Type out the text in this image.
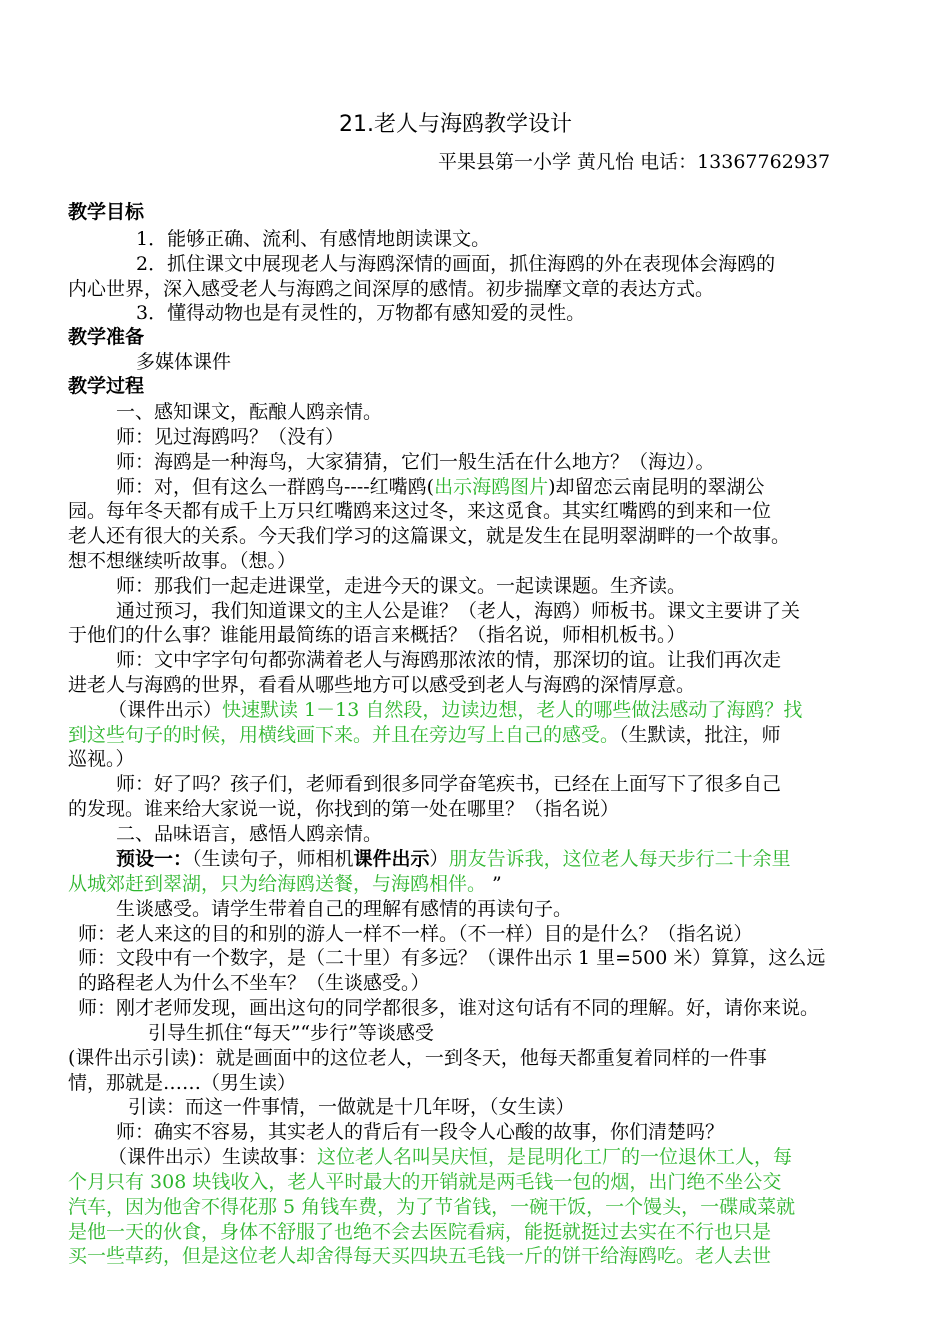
21.老人与海鸥教学设计
平果县第一小学 黄凡怡 电话：13367762937
教学目标
1．能够正确、流利、有感情地朗读课文。
2．抓住课文中展现老人与海鸥深情的画面，抓住海鸥的外在表现体会海鸥的
内心世界，深入感受老人与海鸥之间深厚的感情。初步揣摩文章的表达方式。
3．懂得动物也是有灵性的，万物都有感知爱的灵性。
教学准备
多媒体课件
教学过程
一、感知课文，酝酿人鸥亲情。
师：见过海鸥吗？（没有）
师：海鸥是一种海鸟，大家猜猜，它们一般生活在什么地方？（海边）。
师：对，但有这么一群鸥鸟----红嘴鸥(出示海鸥图片)却留恋云南昆明的翠湖公
园。每年冬天都有成千上万只红嘴鸥来这过冬，来这觅食。其实红嘴鸥的到来和一位
老人还有很大的关系。今天我们学习的这篇课文，就是发生在昆明翠湖畔的一个故事。
想不想继续听故事。（想。）
师：那我们一起走进课堂，走进今天的课文。一起读课题。生齐读。
通过预习，我们知道课文的主人公是谁？（老人，海鸥）师板书。课文主要讲了关
于他们的什么事？谁能用最简练的语言来概括？（指名说，师相机板书。）
师：文中字字句句都弥满着老人与海鸥那浓浓的情，那深切的谊。让我们再次走
进老人与海鸥的世界，看看从哪些地方可以感受到老人与海鸥的深情厚意。
（课件出示）快速默读 1－13 自然段，边读边想，老人的哪些做法感动了海鸥？找
到这些句子的时候，用横线画下来。并且在旁边写上自己的感受。（生默读，批注，师
巡视。）
师：好了吗？孩子们，老师看到很多同学奋笔疾书，已经在上面写下了很多自己
的发现。谁来给大家说一说，你找到的第一处在哪里？（指名说）
二、品味语言，感悟人鸥亲情。
预设一：（生读句子，师相机课件出示）朋友告诉我，这位老人每天步行二十余里
从城郊赶到翠湖，只为给海鸥送餐，与海鸥相伴。 ”
生谈感受。请学生带着自己的理解有感情的再读句子。
师：老人来这的目的和别的游人一样不一样。（不一样）目的是什么？（指名说）
师：文段中有一个数字，是（二十里）有多远？（课件出示 1 里=500 米）算算，这么远
的路程老人为什么不坐车？（生谈感受。）
师：刚才老师发现，画出这句的同学都很多，谁对这句话有不同的理解。好，请你来说。
引导生抓住“每天”“步行”等谈感受
(课件出示引读)：就是画面中的这位老人，一到冬天，他每天都重复着同样的一件事
情，那就是……（男生读）
引读：而这一件事情，一做就是十几年呀，（女生读）
师：确实不容易，其实老人的背后有一段令人心酸的故事，你们清楚吗？
（课件出示）生读故事：这位老人名叫吴庆恒，是昆明化工厂的一位退休工人，每
个月只有 308 块钱收入，老人平时最大的开销就是两毛钱一包的烟，出门绝不坐公交
汽车，因为他舍不得花那 5 角钱车费，为了节省钱，一碗干饭，一个馒头，一碟咸菜就
是他一天的伙食，身体不舒服了也绝不会去医院看病，能挺就挺过去实在不行也只是
买一些草药，但是这位老人却舍得每天买四块五毛钱一斤的饼干给海鸥吃。老人去世
